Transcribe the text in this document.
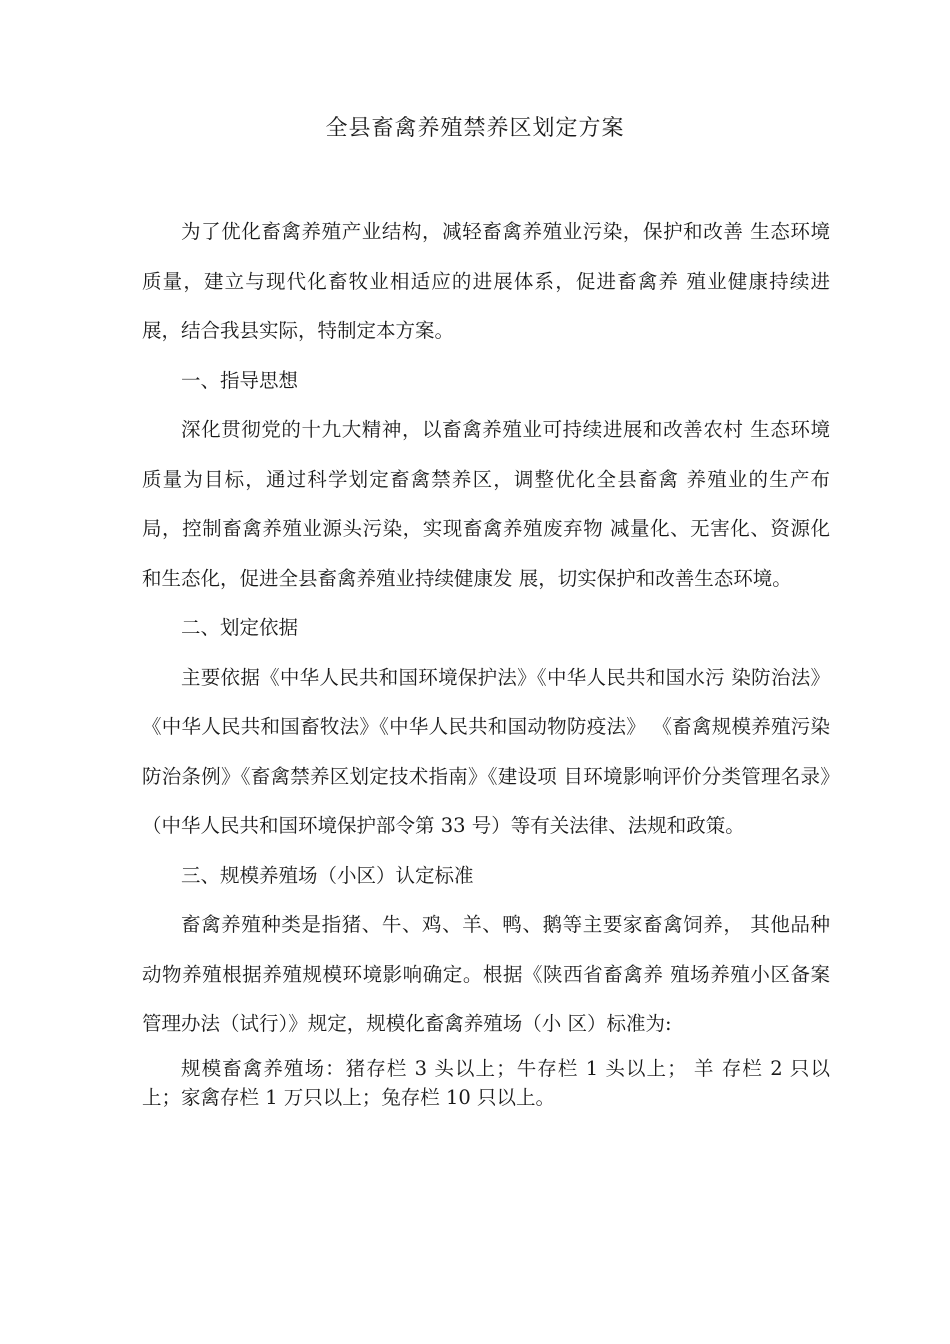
全县畜禽养殖禁养区划定方案

为了优化畜禽养殖产业结构，减轻畜禽养殖业污染，保护和改善 生态环境质量，建立与现代化畜牧业相适应的进展体系，促进畜禽养 殖业健康持续进展，结合我县实际，特制定本方案。

一、指导思想

深化贯彻党的十九大精神，以畜禽养殖业可持续进展和改善农村 生态环境质量为目标，通过科学划定畜禽禁养区，调整优化全县畜禽 养殖业的生产布局，控制畜禽养殖业源头污染，实现畜禽养殖废弃物 减量化、无害化、资源化和生态化，促进全县畜禽养殖业持续健康发 展，切实保护和改善生态环境。

二、划定依据

主要依据《中华人民共和国环境保护法》《中华人民共和国水污 染防治法》《中华人民共和国畜牧法》《中华人民共和国动物防疫法》 《畜禽规模养殖污染防治条例》《畜禽禁养区划定技术指南》《建设项 目环境影响评价分类管理名录》（中华人民共和国环境保护部令第 33 号）等有关法律、法规和政策。

三、规模养殖场（小区）认定标准

畜禽养殖种类是指猪、牛、鸡、羊、鸭、鹅等主要家畜禽饲养， 其他品种动物养殖根据养殖规模环境影响确定。根据《陕西省畜禽养 殖场养殖小区备案管理办法（试行）》规定，规模化畜禽养殖场（小 区）标准为:

规模畜禽养殖场：猪存栏 3 头以上；牛存栏 1 头以上； 羊 存栏 2 只以上；家禽存栏 1 万只以上；兔存栏 10 只以上。
